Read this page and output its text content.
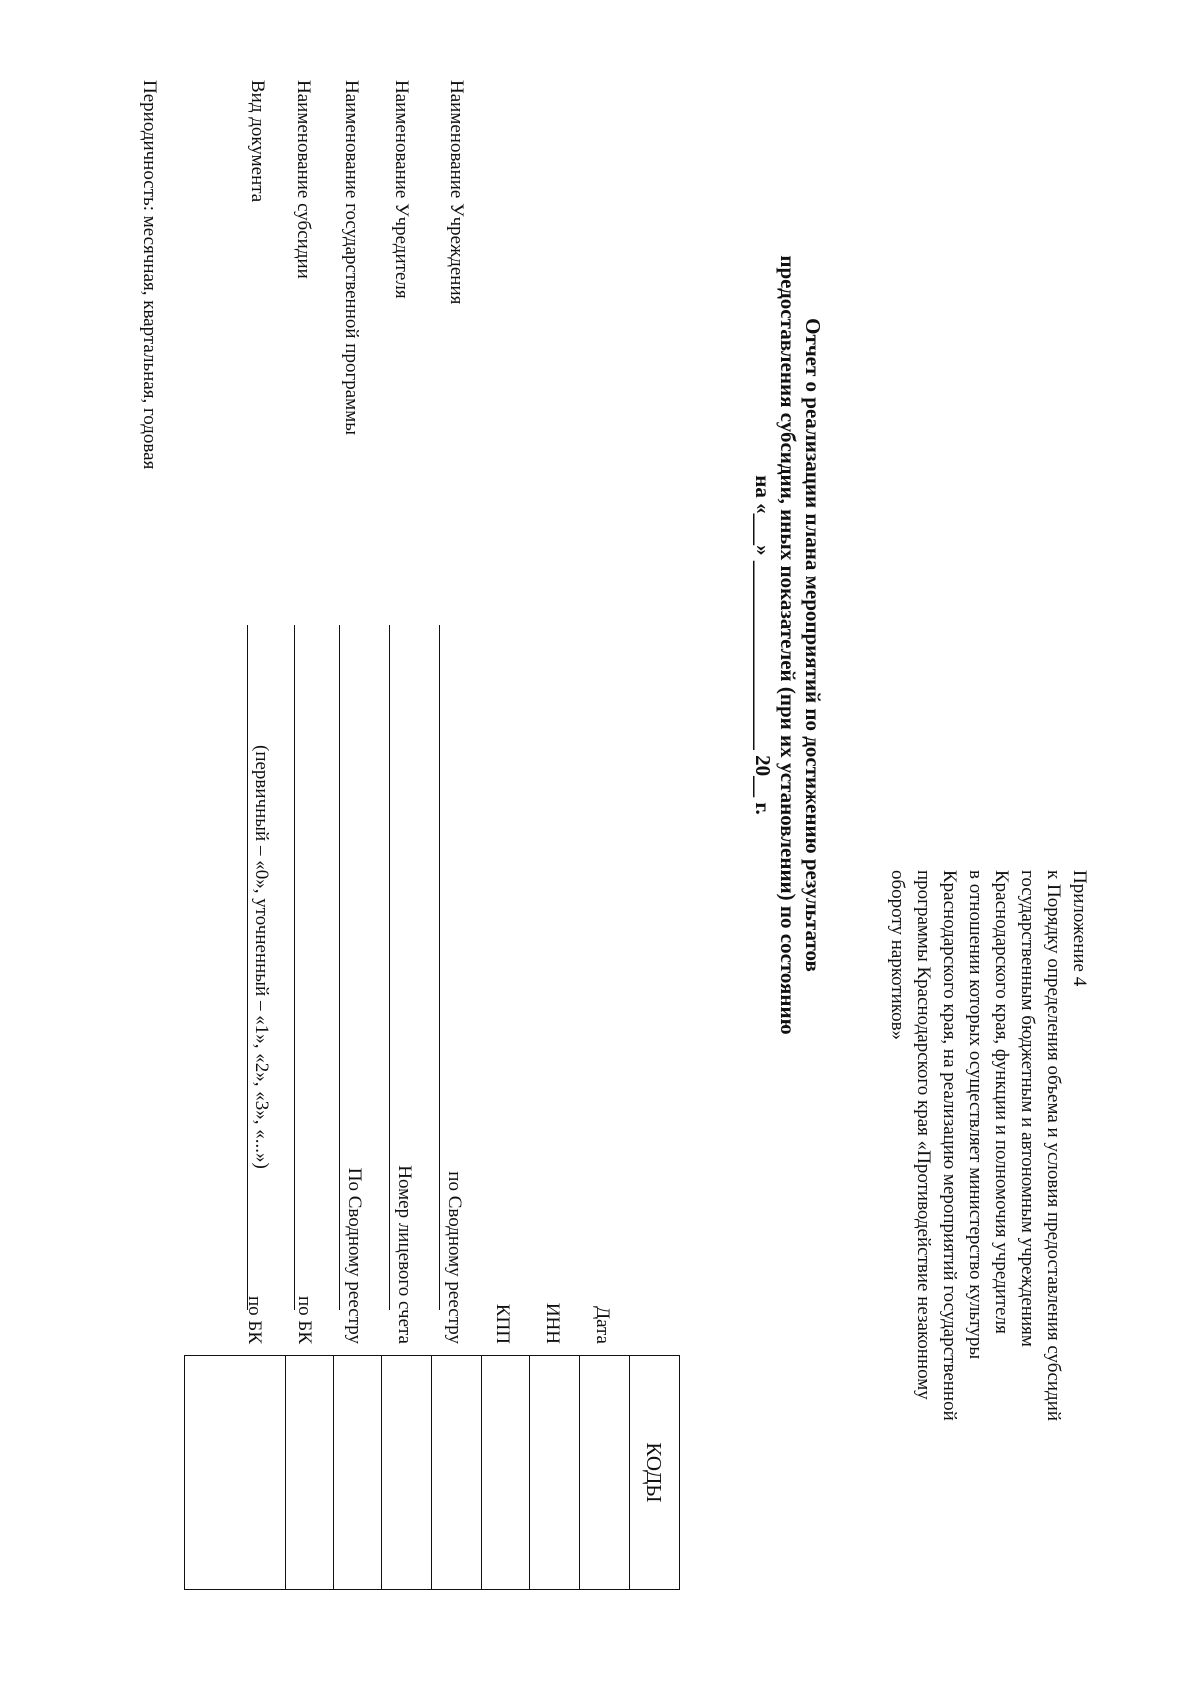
Приложение 4
к Порядку определения объема и условия предоставления субсидий
государственным бюджетным и автономным учреждениям
Краснодарского края, функции и полномочия учредителя
в отношении которых осуществляет министерство культуры
Краснодарского края, на реализацию мероприятий государственной
программы Краснодарского края «Противодействие незаконному
обороту наркотиков»
Отчет о реализации плана мероприятий по достижению результатов
предоставления субсидии, иных показателей (при их установлении) по состоянию
на «___» __________________ 20__ г.
Наименование Учреждения
Наименование Учредителя
Наименование государственной программы
Наименование субсидии
Вид документа
Периодичность: месячная, квартальная, годовая
(первичный – «0», уточненный – «1», «2», «3», «...»)
Дата
ИНН
КПП
по Сводному реестру
Номер лицевого счета
По Сводному реестру
по БК
по БК
КОДЫ
